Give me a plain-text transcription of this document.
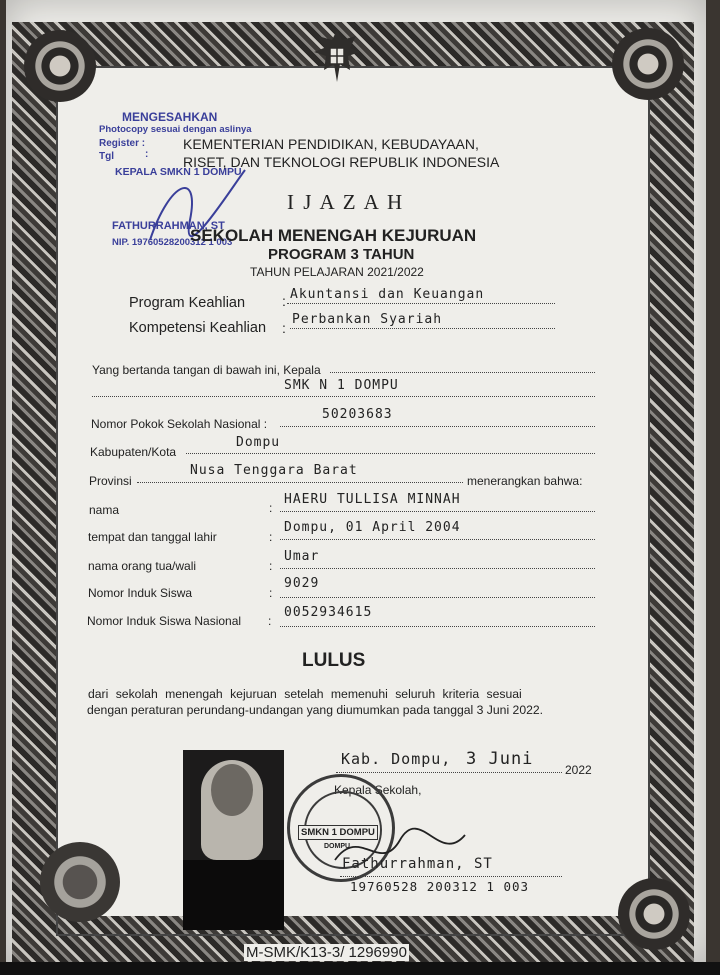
MENGESAHKAN
Photocopy sesuai dengan aslinya
Register :
Tgl	:
KEPALA SMKN 1 DOMPU
FATHURRAHMAN, ST
NIP. 19760528200312 1 003
KEMENTERIAN PENDIDIKAN, KEBUDAYAAN,
RISET, DAN TEKNOLOGI REPUBLIK INDONESIA
I J A Z A H
SEKOLAH MENENGAH KEJURUAN
PROGRAM 3 TAHUN
TAHUN PELAJARAN 2021/2022
Program Keahlian	: Akuntansi dan Keuangan
Kompetensi Keahlian :
Perbankan Syariah
Yang bertanda tangan di bawah ini, Kepala
SMK N 1 DOMPU
Nomor Pokok Sekolah Nasional :
50203683
Kabupaten/Kota
Dompu
Provinsi
Nusa Tenggara Barat
menerangkan bahwa:
nama	:
HAERU TULLISA MINNAH
tempat dan tanggal lahir	:
Dompu, 01 April 2004
nama orang tua/wali	:
Umar
Nomor Induk Siswa	:
9029
Nomor Induk Siswa Nasional :
0052934615
LULUS
dari sekolah menengah kejuruan setelah memenuhi seluruh kriteria sesuai
dengan peraturan perundang-undangan yang diumumkan pada tanggal 3 Juni 2022.
Kab. Dompu, 3 Juni
2022
Kepala Sekolah,
SMKN 1 DOMPU
DOMPU
Fathurrahman, ST
19760528 200312 1 003
M-SMK/K13-3/ 1296990
